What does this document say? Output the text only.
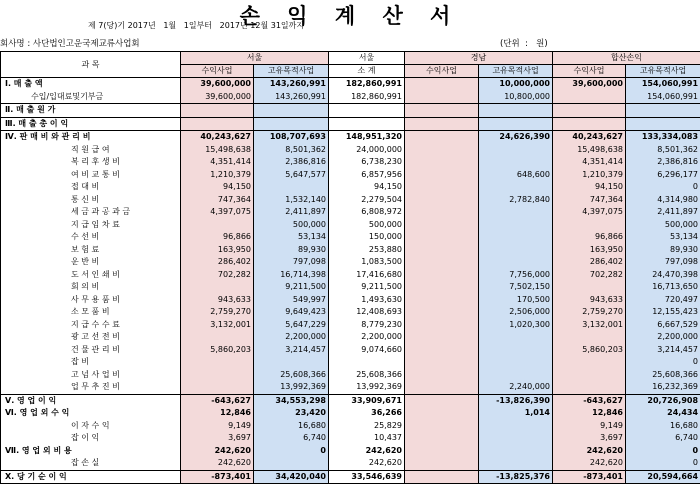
손 익 계 산 서
제 7(당)기 2017년   1월   1일부터   2017년 12월 31일까지
회사명 : 사단법인고운국제교류사업회	(단위  :   원)
과 목	서울		서울	경남		합산손익	
	수익사업	고유목적사업	소 계	수익사업	고유목적사업	수익사업	고유목적사업
Ⅰ. 매 출 액	39,600,000	143,260,991	182,860,991		10,000,000	39,600,000	154,060,991
수입/입대료및기부금	39,600,000	143,260,991	182,860,991		10,800,000		154,060,991
Ⅱ. 매 출 원 가							
Ⅲ. 매 출 총 이 익							
Ⅳ. 판 매 비 와 관 리 비	40,243,627	108,707,693	148,951,320		24,626,390	40,243,627	133,334,083
직 원 급 여	15,498,638	8,501,362	24,000,000			15,498,638	8,501,362
복 리 후 생 비	4,351,414	2,386,816	6,738,230			4,351,414	2,386,816
여 비 교 통 비	1,210,379	5,647,577	6,857,956		648,600	1,210,379	6,296,177
접 대 비	94,150		94,150			94,150	0
통 신 비	747,364	1,532,140	2,279,504		2,782,840	747,364	4,314,980
세 금 과 공 과 금	4,397,075	2,411,897	6,808,972			4,397,075	2,411,897
지 급 임 차 료		500,000	500,000				500,000
수 선 비	96,866	53,134	150,000			96,866	53,134
보 험 료	163,950	89,930	253,880			163,950	89,930
운 반 비	286,402	797,098	1,083,500			286,402	797,098
도 서 인 쇄 비	702,282	16,714,398	17,416,680		7,756,000	702,282	24,470,398
회 의 비		9,211,500	9,211,500		7,502,150		16,713,650
사 무 용 품 비	943,633	549,997	1,493,630		170,500	943,633	720,497
소 모 품 비	2,759,270	9,649,423	12,408,693		2,506,000	2,759,270	12,155,423
지 급 수 수 료	3,132,001	5,647,229	8,779,230		1,020,300	3,132,001	6,667,529
광 고 선 전 비		2,200,000	2,200,000				2,200,000
건 물 관 리 비	5,860,203	3,214,457	9,074,660			5,860,203	3,214,457
잡 비							0
고 넘 사 업 비		25,608,366	25,608,366				25,608,366
업 무 추 진 비		13,992,369	13,992,369		2,240,000		16,232,369
Ⅴ. 영 업 이 익	-643,627	34,553,298	33,909,671		-13,826,390	-643,627	20,726,908
Ⅵ. 영 업 외 수 익	12,846	23,420	36,266		1,014	12,846	24,434
이 자 수 익	9,149	16,680	25,829			9,149	16,680
잡 이 익	3,697	6,740	10,437			3,697	6,740
Ⅶ. 영 업 외 비 용	242,620	0	242,620			242,620	0
잡 손 실	242,620		242,620			242,620	0
Ⅹ. 당 기 순 이 익	-873,401	34,420,040	33,546,639		-13,825,376	-873,401	20,594,664
